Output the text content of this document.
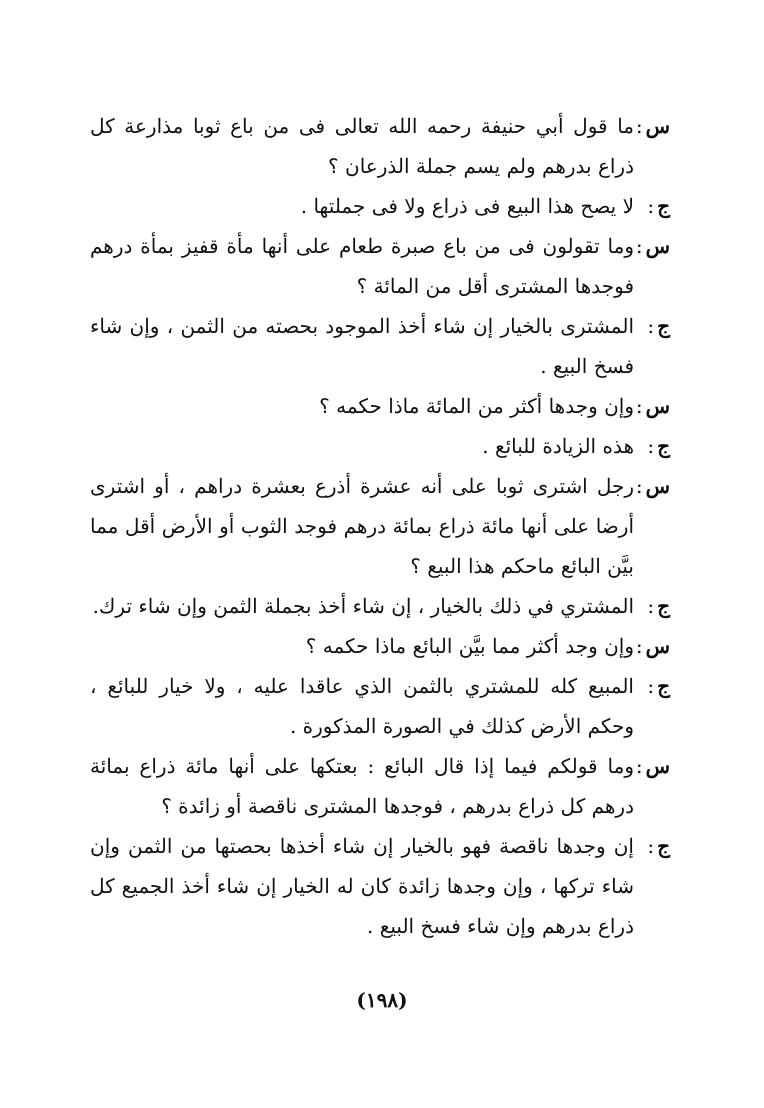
س:
ما قول أبي حنيفة رحمه الله تعالى فى من باع ثوبا مذارعة كل ذراع بدرهم ولم يسم جملة الذرعان ؟
ج:
لا يصح هذا البيع فى ذراع ولا فى جملتها .
س:
وما تقولون فى من باع صبرة طعام على أنها مأة قفيز بمأة درهم فوجدها المشترى أقل من المائة ؟
ج:
المشترى بالخيار إن شاء أخذ الموجود بحصته من الثمن ، وإن شاء فسخ البيع .
س:
وإن وجدها أكثر من المائة ماذا حكمه ؟
ج:
هذه الزيادة للبائع .
س:
رجل اشترى ثوبا على أنه عشرة أذرع بعشرة دراهم ، أو اشترى أرضا على أنها مائة ذراع بمائة درهم فوجد الثوب أو الأرض أقل مما بيَّن البائع ماحكم هذا البيع ؟
ج:
المشتري في ذلك بالخيار ، إن شاء أخذ بجملة الثمن وإن شاء ترك.
س:
وإن وجد أكثر مما بيَّن البائع ماذا حكمه ؟
ج:
المبيع كله للمشتري بالثمن الذي عاقدا عليه ، ولا خيار للبائع ، وحكم الأرض كذلك في الصورة المذكورة .
س:
وما قولكم فيما إذا قال البائع : بعتكها على أنها مائة ذراع بمائة درهم كل ذراع بدرهم ، فوجدها المشترى ناقصة أو زائدة ؟
ج:
إن وجدها ناقصة فهو بالخيار إن شاء أخذها بحصتها من الثمن وإن شاء تركها ، وإن وجدها زائدة كان له الخيار إن شاء أخذ الجميع كل ذراع بدرهم وإن شاء فسخ البيع .
(١٩٨)
